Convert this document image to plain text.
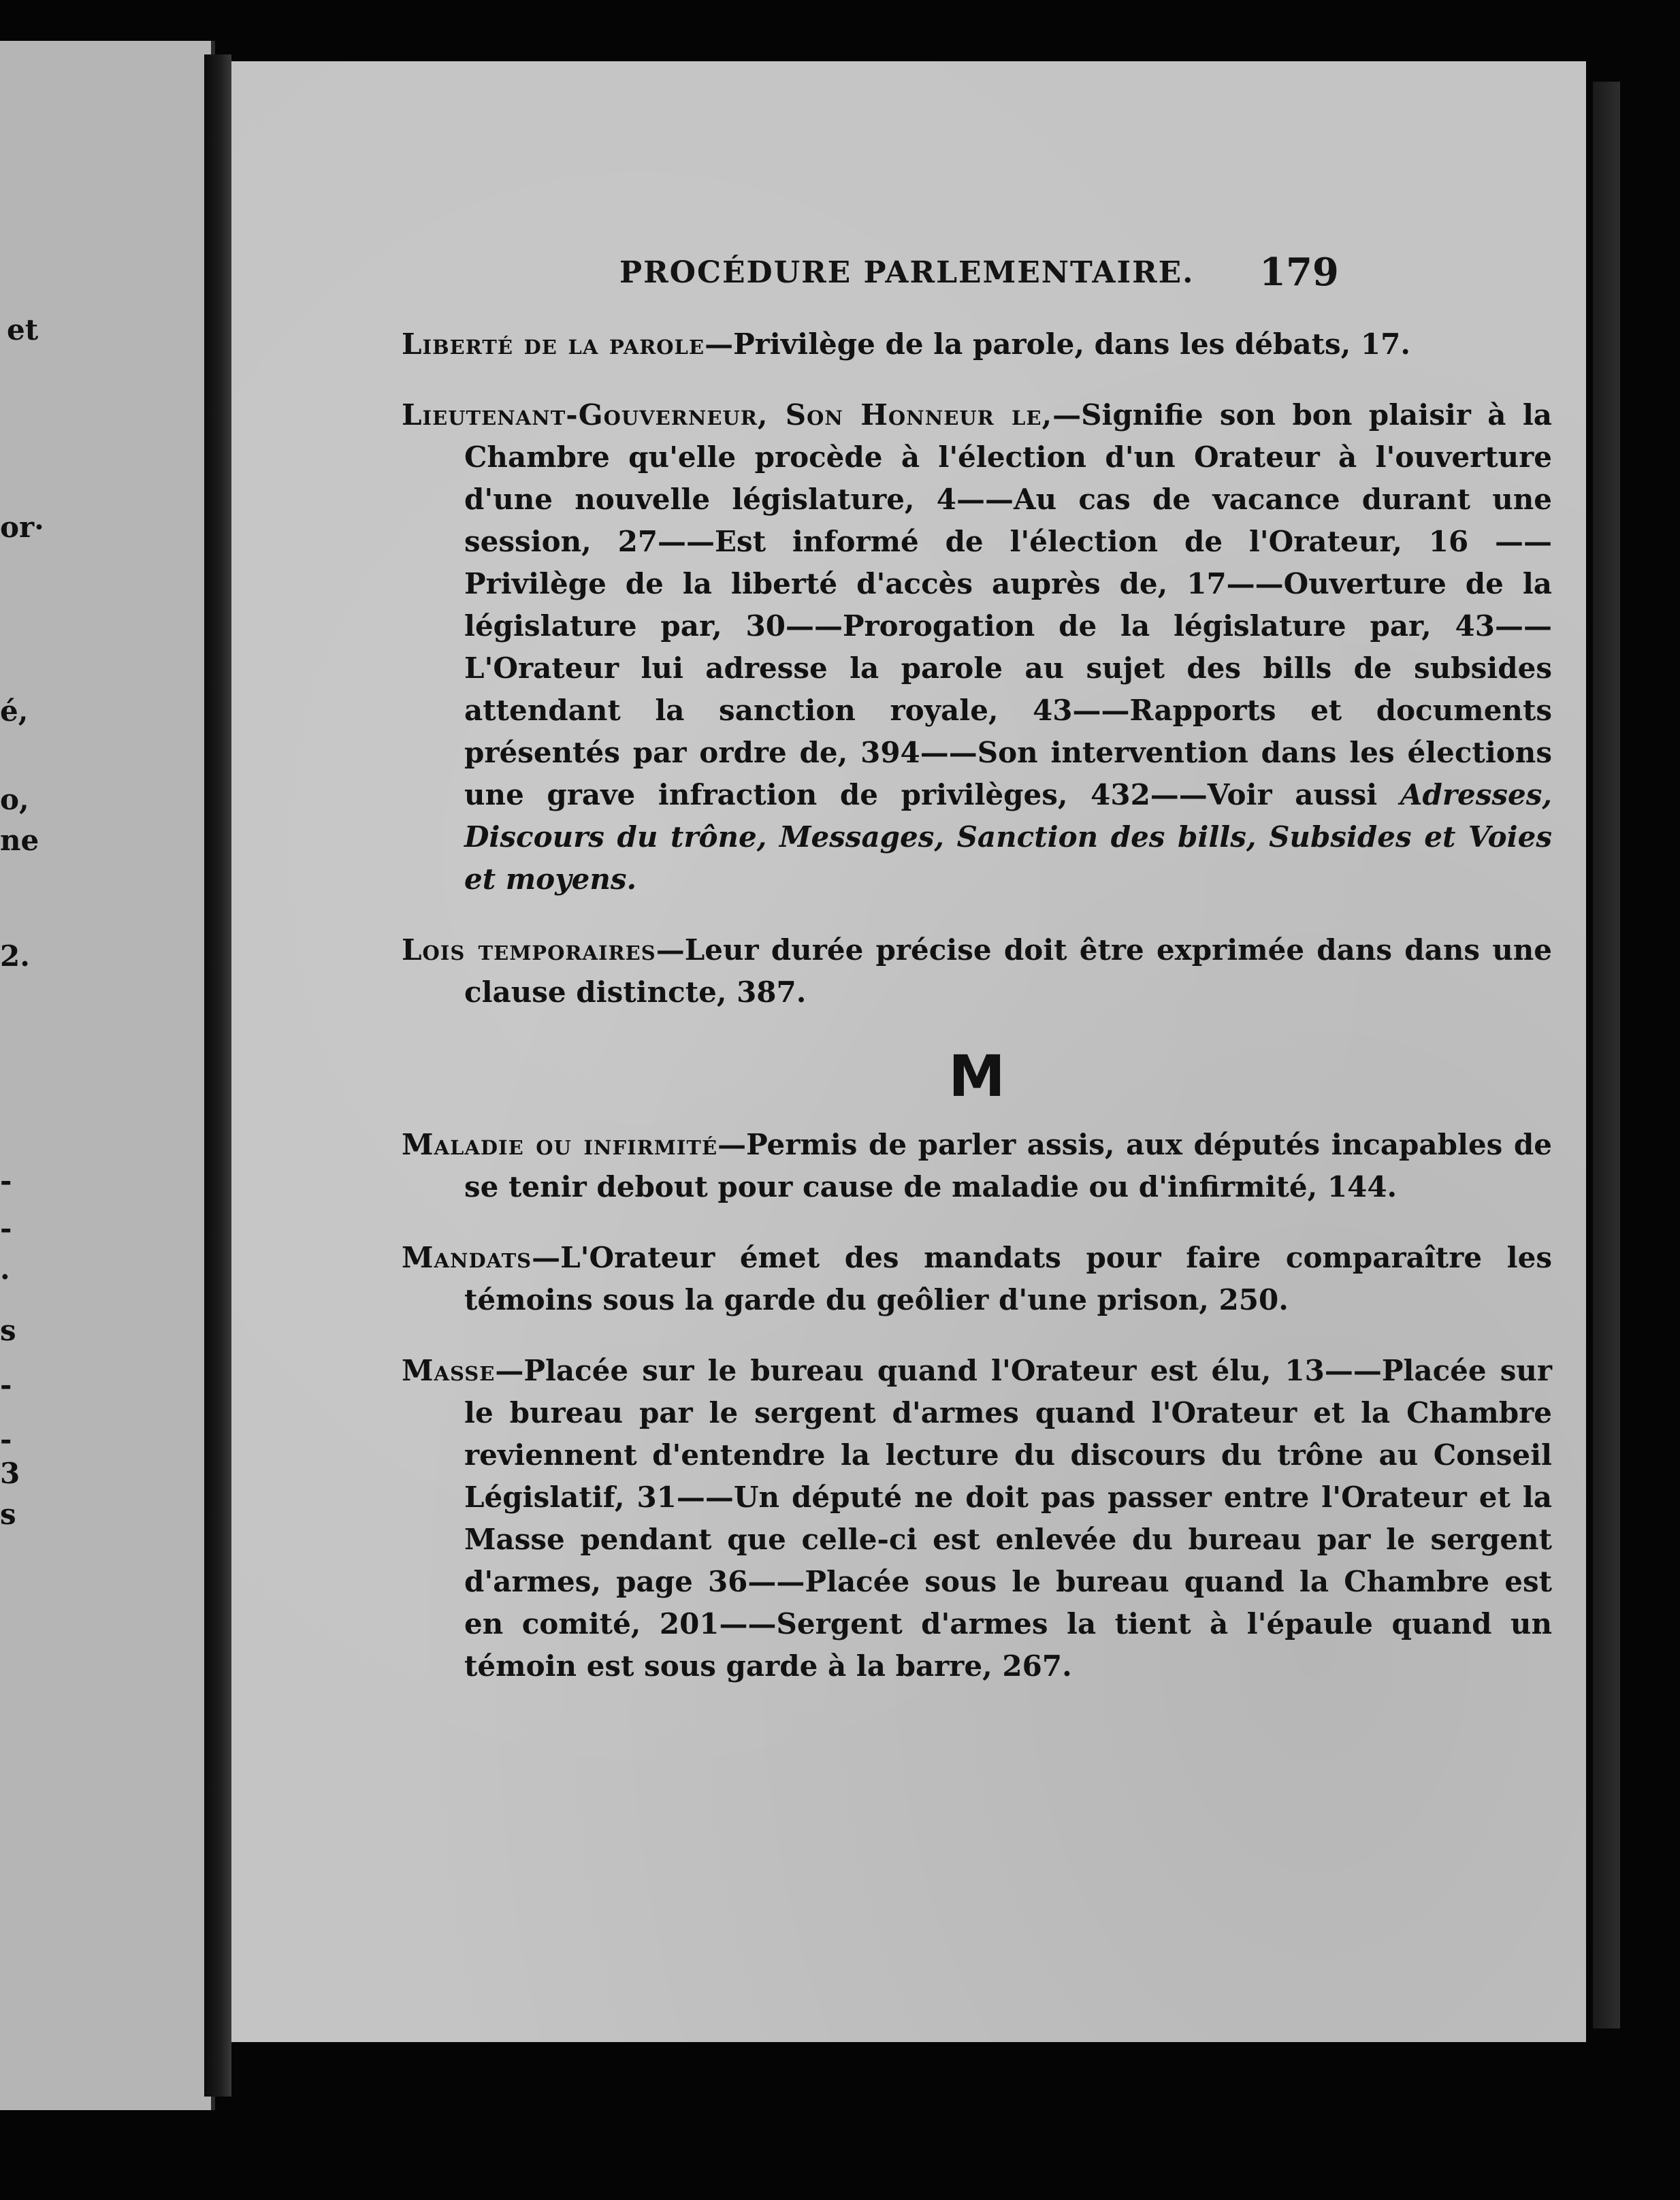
et
or·
é,
o,
ne
2.
-
-
.
s
-
-
3
s
PROCÉDURE PARLEMENTAIRE. 179

Liberté de la parole—Privilège de la parole, dans les débats, 17.

Lieutenant-Gouverneur, Son Honneur le,—Signifie son bon plaisir à la Chambre qu'elle procède à l'élection d'un Orateur à l'ouverture d'une nouvelle législature, 4——Au cas de vacance durant une session, 27——Est informé de l'élection de l'Orateur, 16 ——Privilège de la liberté d'accès auprès de, 17——Ouverture de la législature par, 30——Prorogation de la législature par, 43—— L'Orateur lui adresse la parole au sujet des bills de subsides attendant la sanction royale, 43——Rapports et documents présentés par ordre de, 394——Son intervention dans les élections une grave infraction de privilèges, 432——Voir aussi Adresses, Discours du trône, Messages, Sanction des bills, Subsides et Voies et moyens.

Lois temporaires—Leur durée précise doit être exprimée dans dans une clause distincte, 387.

M

Maladie ou infirmité—Permis de parler assis, aux députés incapables de se tenir debout pour cause de maladie ou d'infirmité, 144.

Mandats—L'Orateur émet des mandats pour faire comparaître les témoins sous la garde du geôlier d'une prison, 250.

Masse—Placée sur le bureau quand l'Orateur est élu, 13——Placée sur le bureau par le sergent d'armes quand l'Orateur et la Chambre reviennent d'entendre la lecture du discours du trône au Conseil Législatif, 31——Un député ne doit pas passer entre l'Orateur et la Masse pendant que celle-ci est enlevée du bureau par le sergent d'armes, page 36——Placée sous le bureau quand la Chambre est en comité, 201——Sergent d'armes la tient à l'épaule quand un témoin est sous garde à la barre, 267.
